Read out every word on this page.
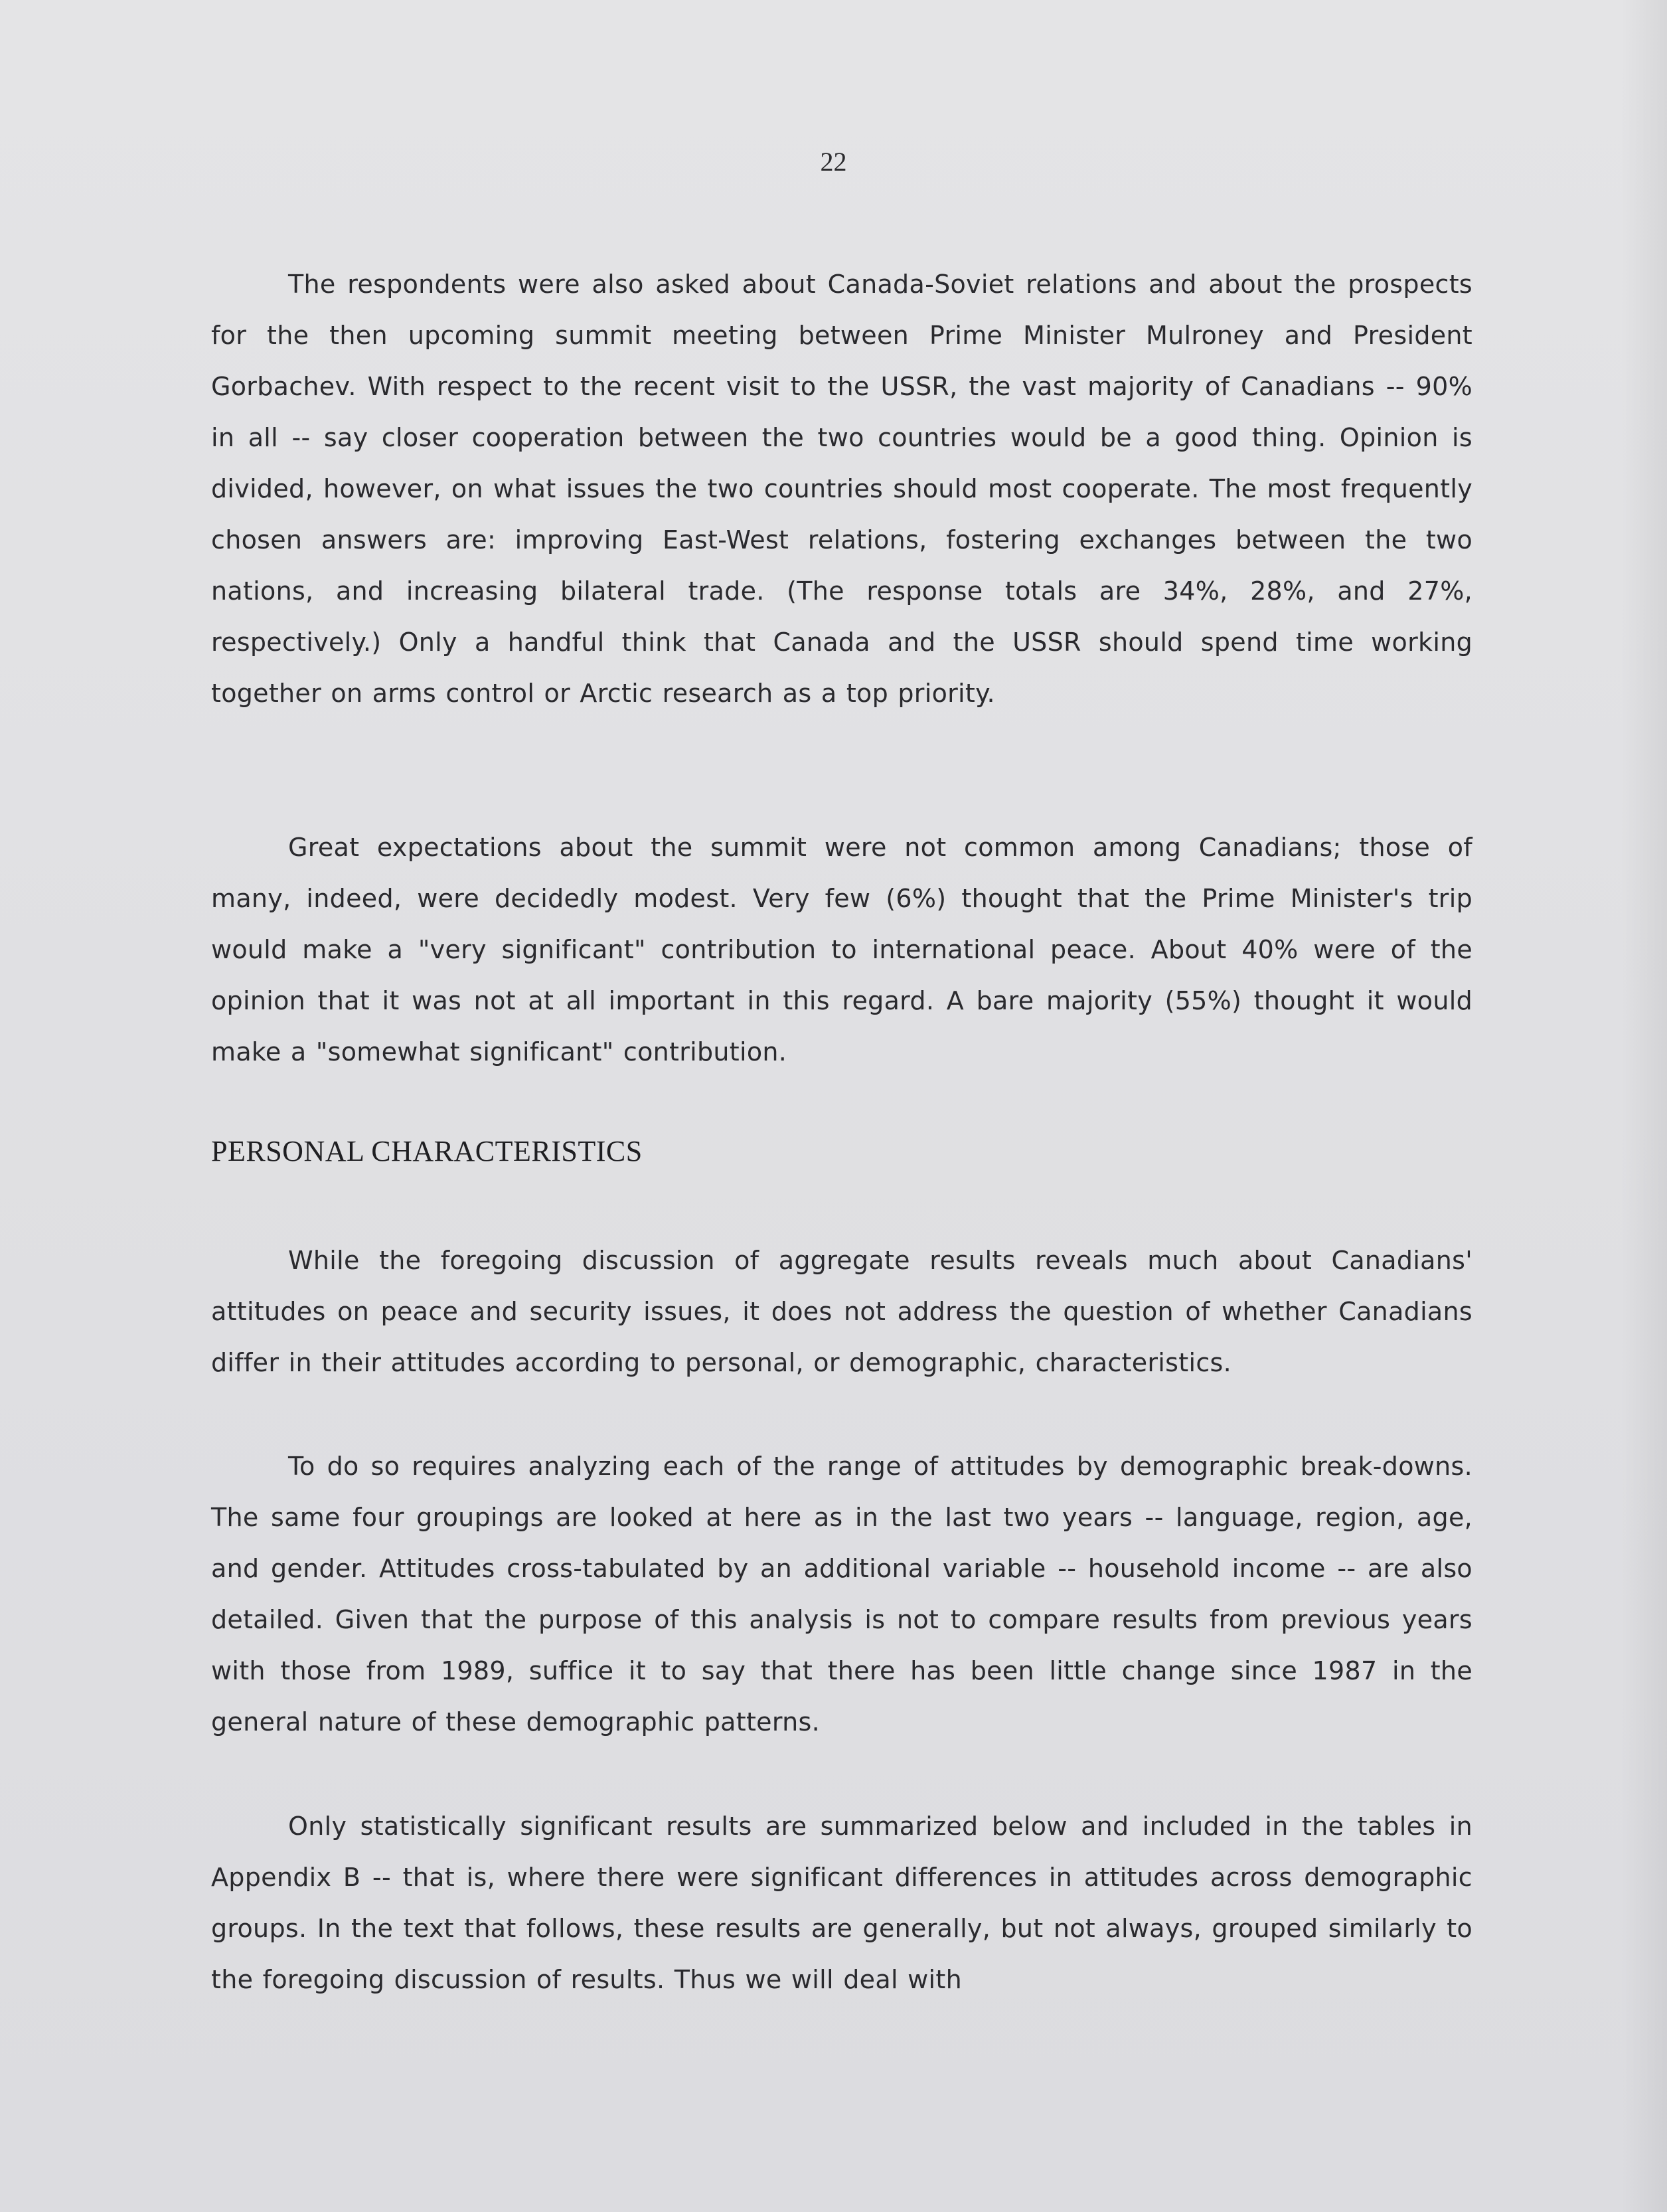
22

The respondents were also asked about Canada-Soviet relations and about the prospects for the then upcoming summit meeting between Prime Minister Mulroney and President Gorbachev. With respect to the recent visit to the USSR, the vast majority of Canadians -- 90% in all -- say closer cooperation between the two countries would be a good thing. Opinion is divided, however, on what issues the two countries should most cooperate. The most frequently chosen answers are: improving East-West relations, fostering exchanges between the two nations, and increasing bilateral trade. (The response totals are 34%, 28%, and 27%, respectively.) Only a handful think that Canada and the USSR should spend time working together on arms control or Arctic research as a top priority.

Great expectations about the summit were not common among Canadians; those of many, indeed, were decidedly modest. Very few (6%) thought that the Prime Minister's trip would make a "very significant" contribution to international peace. About 40% were of the opinion that it was not at all important in this regard. A bare majority (55%) thought it would make a "somewhat significant" contribution.

PERSONAL CHARACTERISTICS

While the foregoing discussion of aggregate results reveals much about Canadians' attitudes on peace and security issues, it does not address the question of whether Canadians differ in their attitudes according to personal, or demographic, characteristics.

To do so requires analyzing each of the range of attitudes by demographic break-downs. The same four groupings are looked at here as in the last two years -- language, region, age, and gender. Attitudes cross-tabulated by an additional variable -- household income -- are also detailed. Given that the purpose of this analysis is not to compare results from previous years with those from 1989, suffice it to say that there has been little change since 1987 in the general nature of these demographic patterns.

Only statistically significant results are summarized below and included in the tables in Appendix B -- that is, where there were significant differences in attitudes across demographic groups. In the text that follows, these results are generally, but not always, grouped similarly to the foregoing discussion of results. Thus we will deal with
